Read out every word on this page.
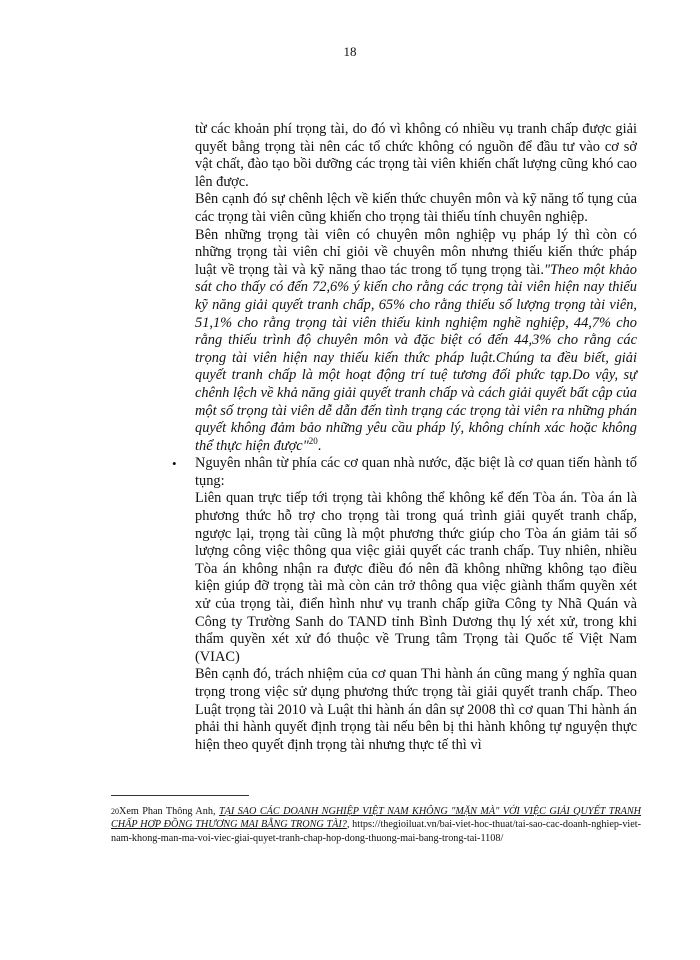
18

từ các khoản phí trọng tài, do đó vì không có nhiều vụ tranh chấp được giải quyết bằng trọng tài nên các tổ chức không có nguồn để đầu tư vào cơ sở vật chất, đào tạo bồi dưỡng các trọng tài viên khiến chất lượng cũng khó cao lên được.

Bên cạnh đó sự chênh lệch về kiến thức chuyên môn và kỹ năng tố tụng của các trọng tài viên cũng khiến cho trọng tài thiếu tính chuyên nghiệp.

Bên những trọng tài viên có chuyên môn nghiệp vụ pháp lý thì còn có những trọng tài viên chỉ giỏi về chuyên môn nhưng thiếu kiến thức pháp luật về trọng tài và kỹ năng thao tác trong tố tụng trọng tài."Theo một khảo sát cho thấy có đến 72,6% ý kiến cho rằng các trọng tài viên hiện nay thiếu kỹ năng giải quyết tranh chấp, 65% cho rằng thiếu số lượng trọng tài viên, 51,1% cho rằng trọng tài viên thiếu kinh nghiệm nghề nghiệp, 44,7% cho rằng thiếu trình độ chuyên môn và đặc biệt có đến 44,3% cho rằng các trọng tài viên hiện nay thiếu kiến thức pháp luật.Chúng ta đều biết, giải quyết tranh chấp là một hoạt động trí tuệ tương đối phức tạp.Do vậy, sự chênh lệch về khả năng giải quyết tranh chấp và cách giải quyết bất cập của một số trọng tài viên dễ dẫn đến tình trạng các trọng tài viên ra những phán quyết không đảm bảo những yêu cầu pháp lý, không chính xác hoặc không thể thực hiện được"$^{20}$.

• Nguyên nhân từ phía các cơ quan nhà nước, đặc biệt là cơ quan tiến hành tố tụng:

Liên quan trực tiếp tới trọng tài không thể không kể đến Tòa án. Tòa án là phương thức hỗ trợ cho trọng tài trong quá trình giải quyết tranh chấp, ngược lại, trọng tài cũng là một phương thức giúp cho Tòa án giảm tải số lượng công việc thông qua việc giải quyết các tranh chấp. Tuy nhiên, nhiều Tòa án không nhận ra được điều đó nên đã không những không tạo điều kiện giúp đỡ trọng tài mà còn cản trở thông qua việc giành thẩm quyền xét xử của trọng tài, điển hình như vụ tranh chấp giữa Công ty Nhã Quán và Công ty Trường Sanh do TAND tỉnh Bình Dương thụ lý xét xử, trong khi thẩm quyền xét xử đó thuộc về Trung tâm Trọng tài Quốc tế Việt Nam (VIAC)

Bên cạnh đó, trách nhiệm của cơ quan Thi hành án cũng mang ý nghĩa quan trọng trong việc sử dụng phương thức trọng tài giải quyết tranh chấp. Theo Luật trọng tài 2010 và Luật thi hành án dân sự 2008 thì cơ quan Thi hành án phải thi hành quyết định trọng tài nếu bên bị thi hành không tự nguyện thực hiện theo quyết định trọng tài nhưng thực tế thì vì

$^{20}$Xem Phan Thông Anh, TẠI SAO CÁC DOANH NGHIỆP VIỆT NAM KHÔNG "MẶN MÀ" VỚI VIỆC GIẢI QUYẾT TRANH CHẤP HỢP ĐỒNG THƯƠNG MẠI BẰNG TRỌNG TÀI?, https://thegioiluat.vn/bai-viet-hoc-thuat/tai-sao-cac-doanh-nghiep-viet-nam-khong-man-ma-voi-viec-giai-quyet-tranh-chap-hop-dong-thuong-mai-bang-trong-tai-1108/
